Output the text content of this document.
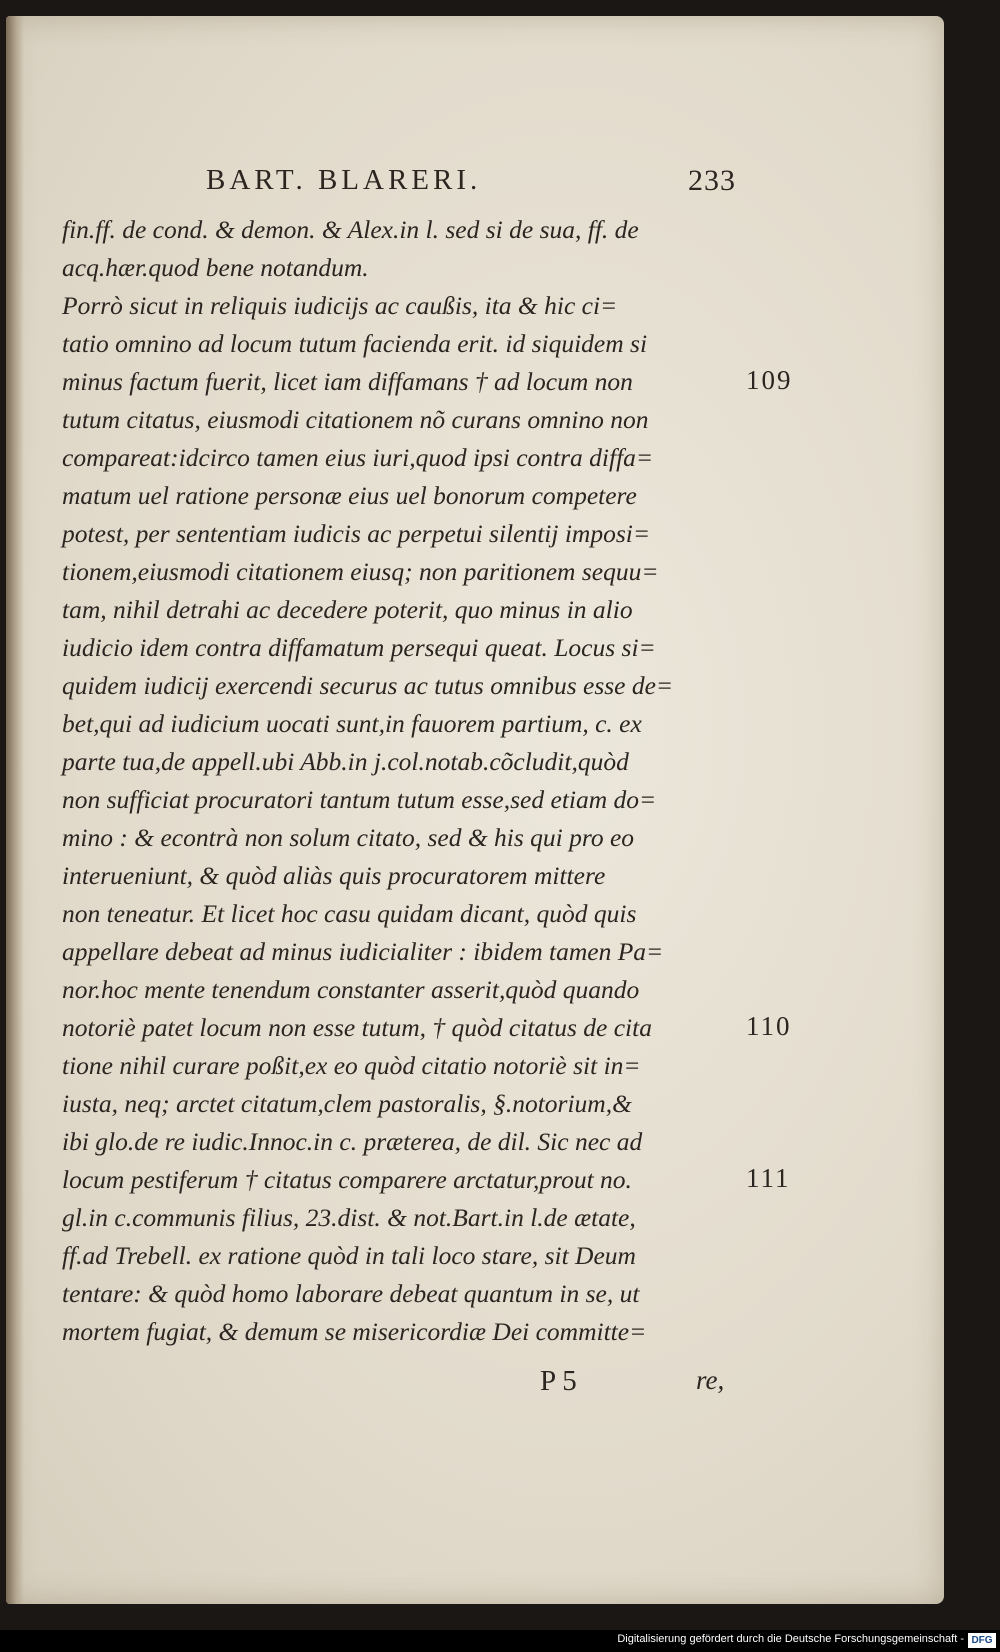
BART. BLARERI.	233
fin.ff. de cond. & demon. & Alex.in l. sed si de sua, ff. de
acq.hær.quod bene notandum.
Porrò sicut in reliquis iudicijs ac caußis, ita & hic ci=
tatio omnino ad locum tutum facienda erit. id siquidem si
minus factum fuerit, licet iam diffamans † ad locum non
tutum citatus, eiusmodi citationem nõ curans omnino non
compareat:idcirco tamen eius iuri,quod ipsi contra diffa=
matum uel ratione personæ eius uel bonorum competere
potest, per sententiam iudicis ac perpetui silentij imposi=
tionem,eiusmodi citationem eiusq; non paritionem sequu=
tam, nihil detrahi ac decedere poterit, quo minus in alio
iudicio idem contra diffamatum persequi queat. Locus si=
quidem iudicij exercendi securus ac tutus omnibus esse de=
bet,qui ad iudicium uocati sunt,in fauorem partium, c. ex
parte tua,de appell.ubi Abb.in j.col.notab.cõcludit,quòd
non sufficiat procuratori tantum tutum esse,sed etiam do=
mino : & econtrà non solum citato, sed & his qui pro eo
interueniunt, & quòd aliàs quis procuratorem mittere
non teneatur. Et licet hoc casu quidam dicant, quòd quis
appellare debeat ad minus iudicialiter : ibidem tamen Pa=
nor.hoc mente tenendum constanter asserit,quòd quando
notoriè patet locum non esse tutum, † quòd citatus de cita
tione nihil curare poßit,ex eo quòd citatio notoriè sit in=
iusta, neq; arctet citatum,clem pastoralis, §.notorium,&
ibi glo.de re iudic.Innoc.in c. præterea, de dil. Sic nec ad
locum pestiferum † citatus comparere arctatur,prout no.
gl.in c.communis filius, 23.dist. & not.Bart.in l.de ætate,
ff.ad Trebell. ex ratione quòd in tali loco stare, sit Deum
tentare: & quòd homo laborare debeat quantum in se, ut
mortem fugiat, & demum se misericordiæ Dei committe=
109
110
111
P 5	re,
Digitalisierung gefördert durch die Deutsche Forschungsgemeinschaft - DFG
